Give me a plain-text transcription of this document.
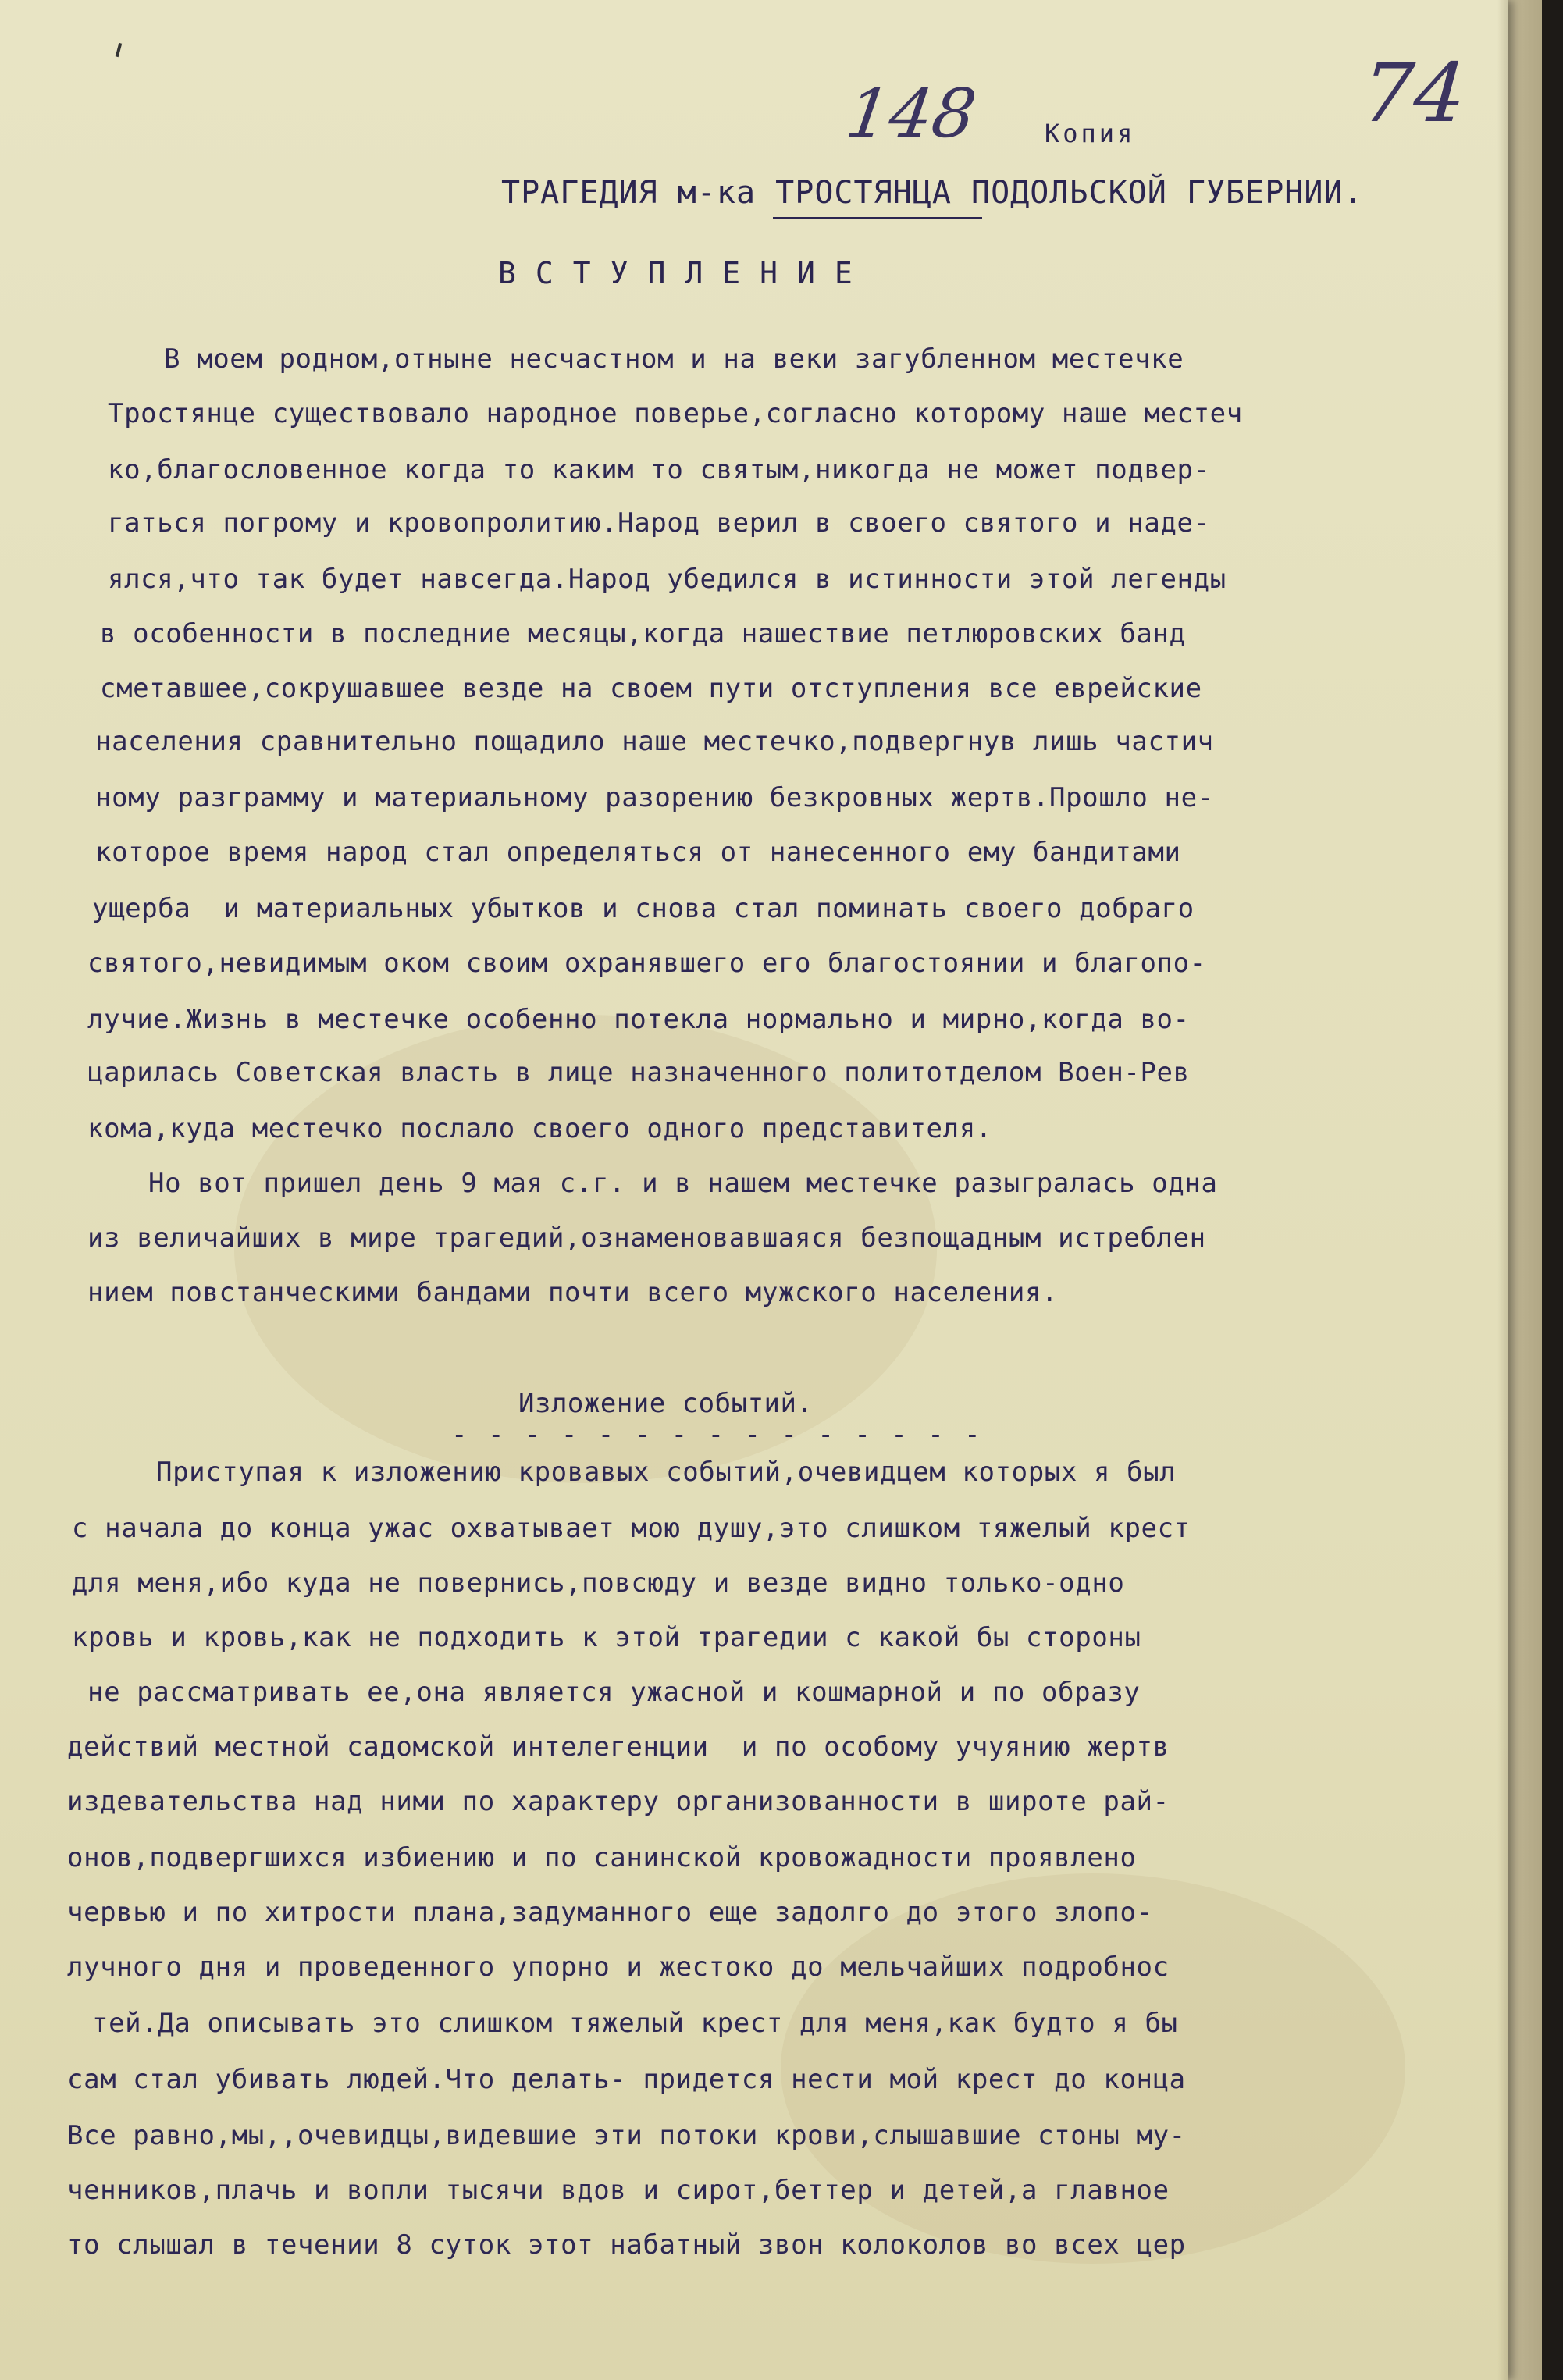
148	74
Копия
ТРАГЕДИЯ м-ка ТРОСТЯНЦА ПОДОЛЬСКОЙ ГУБЕРНИИ.
ВСТУПЛЕНИЕ
Изложение событий.
- - - - - - - - - - - - - - -
В моем родном,отныне несчастном и на веки загубленном местечке
Тростянце существовало народное поверье,согласно которому наше местеч
ко,благословенное когда то каким то святым,никогда не может подвер-
гаться погрому и кровопролитию.Народ верил в своего святого и наде-
ялся,что так будет навсегда.Народ убедился в истинности этой легенды
в особенности в последние месяцы,когда нашествие петлюровских банд
сметавшее,сокрушавшее везде на своем пути отступления все еврейские
населения сравнительно пощадило наше местечко,подвергнув лишь частич
ному разграмму и материальному разорению безкровных жертв.Прошло не-
которое время народ стал определяться от нанесенного ему бандитами
ущерба  и материальных убытков и снова стал поминать своего добраго
святого,невидимым оком своим охранявшего его благостоянии и благопо-
лучие.Жизнь в местечке особенно потекла нормально и мирно,когда во-
царилась Советская власть в лице назначенного политотделом Воен-Рев
кома,куда местечко послало своего одного представителя.
Но вот пришел день 9 мая с.г. и в нашем местечке разыгралась одна
из величайших в мире трагедий,ознаменовавшаяся безпощадным истреблен
нием повстанческими бандами почти всего мужского населения.
Приступая к изложению кровавых событий,очевидцем которых я был
с начала до конца ужас охватывает мою душу,это слишком тяжелый крест
для меня,ибо куда не повернись,повсюду и везде видно только-одно
кровь и кровь,как не подходить к этой трагедии с какой бы стороны
не рассматривать ее,она является ужасной и кошмарной и по образу
действий местной садомской интелегенции  и по особому учуянию жертв
издевательства над ними по характеру организованности в широте рай-
онов,подвергшихся избиению и по санинской кровожадности проявлено
червью и по хитрости плана,задуманного еще задолго до этого злопо-
лучного дня и проведенного упорно и жестоко до мельчайших подробнос
тей.Да описывать это слишком тяжелый крест для меня,как будто я бы
сам стал убивать людей.Что делать- придется нести мой крест до конца
Все равно,мы,,очевидцы,видевшие эти потоки крови,слышавшие стоны му-
ченников,плачь и вопли тысячи вдов и сирот,беттер и детей,а главное
то слышал в течении 8 суток этот набатный звон колоколов во всех цер
